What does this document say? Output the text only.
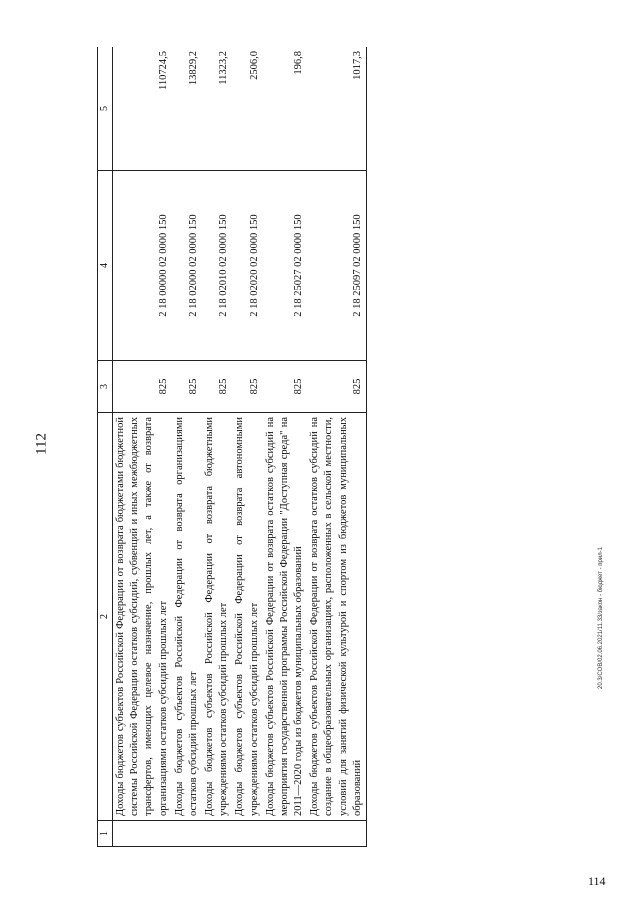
112
1	2	3	4	5
	Доходы бюджетов субъектов Российской Федерации от возврата бюджетами бюджетной системы Российской Федерации остатков субсидий, субвенций и иных межбюджетных трансфертов, имеющих целевое назначение, прошлых лет, а также от возврата организациями остатков субсидий прошлых лет	825	2 18 00000 02 0000 150	110724,5
	Доходы бюджетов субъектов Российской Федерации от возврата организациями остатков субсидий прошлых лет	825	2 18 02000 02 0000 150	13829,2
	Доходы бюджетов субъектов Российской Федерации от возврата бюджетными учреждениями остатков субсидий прошлых лет	825	2 18 02010 02 0000 150	11323,2
	Доходы бюджетов субъектов Российской Федерации от возврата автономными учреждениями остатков субсидий прошлых лет	825	2 18 02020 02 0000 150	2506,0
	Доходы бюджетов субъектов Российской Федерации от возврата остатков субсидий на мероприятия государственной программы Российской Федерации "Доступная среда" на 2011—2020 годы из бюджетов муниципальных образований	825	2 18 25027 02 0000 150	196,8
	Доходы бюджетов субъектов Российской Федерации от возврата остатков субсидий на создание в общеобразовательных организациях, расположенных в сельской местности, условий для занятий физической культурой и спортом из бюджетов муниципальных образований	825	2 18 25097 02 0000 150	1017,3
20.3/COB/02.06.2021/11.33/закон - бюджет - прил-1
114
